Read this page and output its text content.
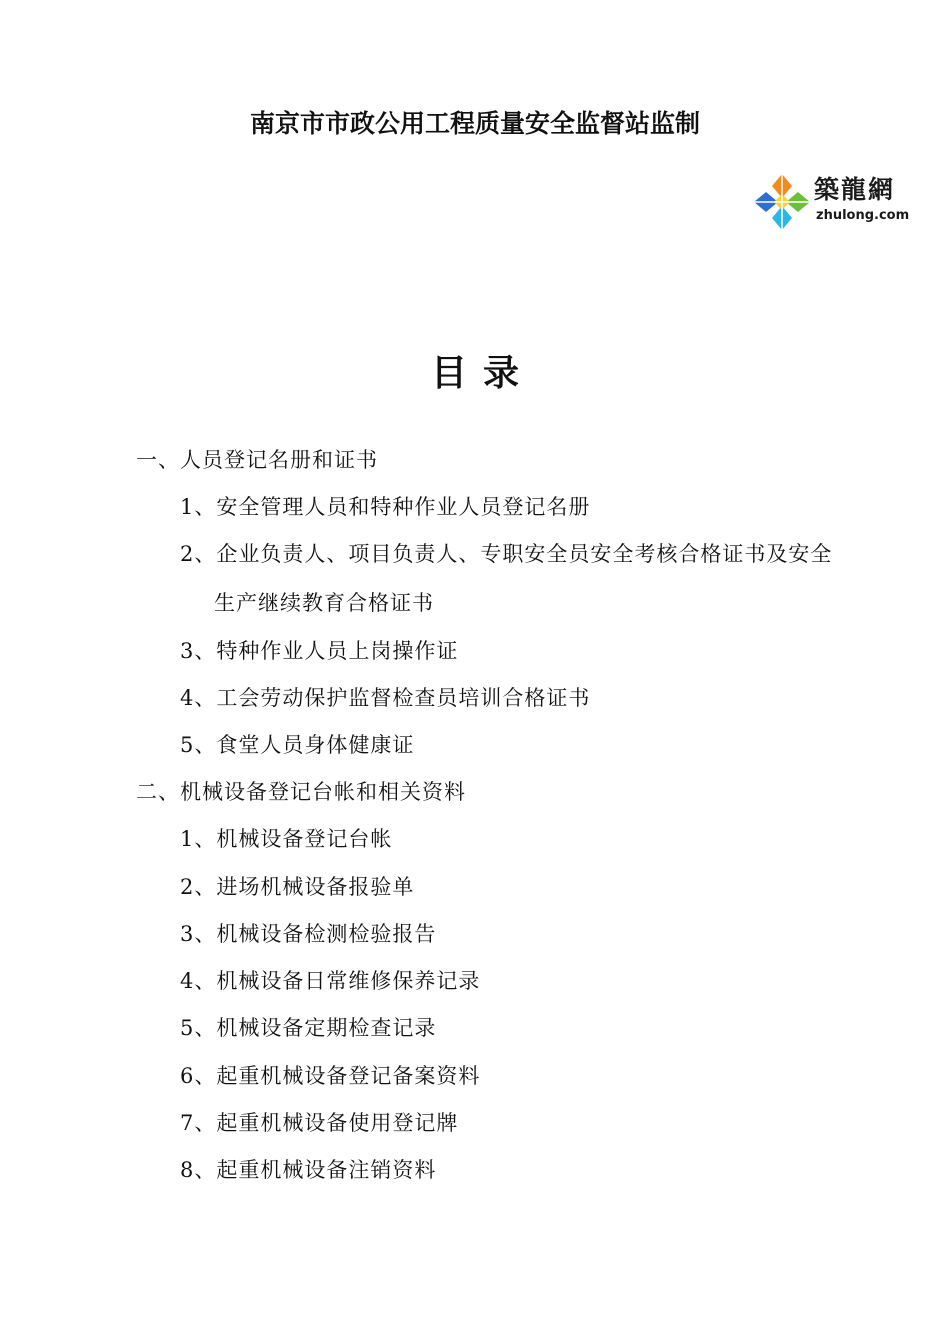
南京市市政公用工程质量安全监督站监制
築龍網
zhulong.com
目录
一、人员登记名册和证书
1、安全管理人员和特种作业人员登记名册
2、企业负责人、项目负责人、专职安全员安全考核合格证书及安全
生产继续教育合格证书
3、特种作业人员上岗操作证
4、工会劳动保护监督检查员培训合格证书
5、食堂人员身体健康证
二、机械设备登记台帐和相关资料
1、机械设备登记台帐
2、进场机械设备报验单
3、机械设备检测检验报告
4、机械设备日常维修保养记录
5、机械设备定期检查记录
6、起重机械设备登记备案资料
7、起重机械设备使用登记牌
8、起重机械设备注销资料
